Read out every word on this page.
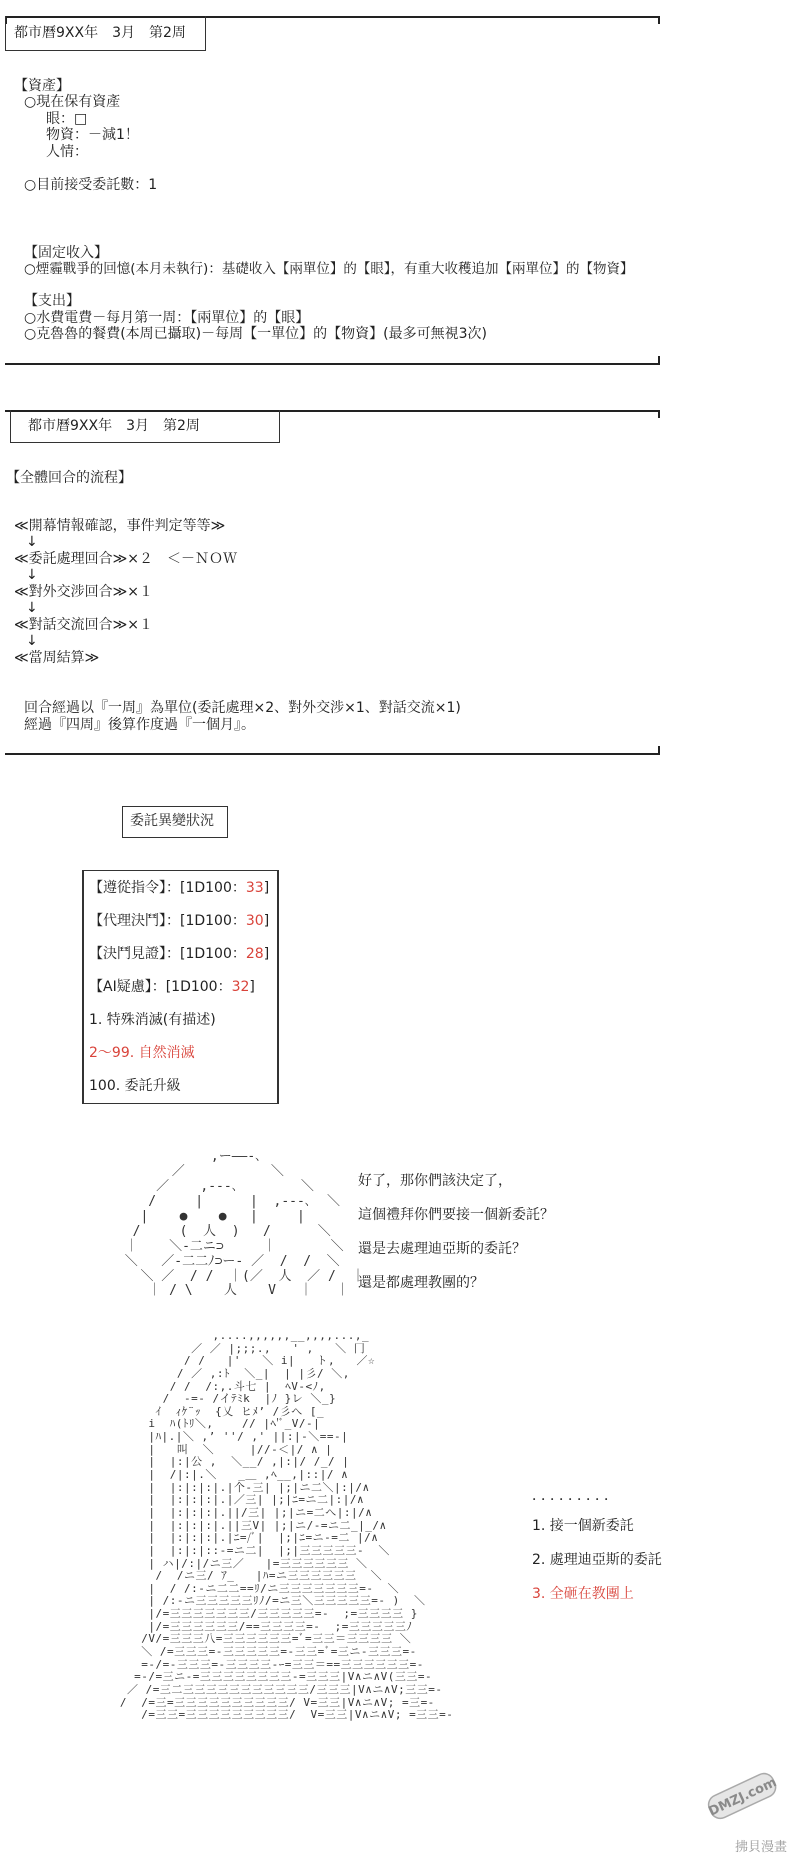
都市曆9XX年　3月　第2周
【資產】
○現在保有資產
眼：□
物資：－減1！
人情：
○目前接受委託數：1
【固定收入】
○煙霾戰爭的回憶(本月未執行)：基礎收入【兩單位】的【眼】，有重大收穫追加【兩單位】的【物資】
【支出】
○水費電費－每月第一周：【兩單位】的【眼】
○克魯魯的餐費(本周已攝取)－每周【一單位】的【物資】(最多可無視3次)
都市曆9XX年　3月　第2周
【全體回合的流程】
≪開幕情報確認，事件判定等等≫
↓
≪委託處理回合≫×２　＜－ＮＯＷ
↓
≪對外交涉回合≫×１
↓
≪對話交流回合≫×１
↓
≪當周結算≫
回合經過以『一周』為單位(委託處理×2、對外交涉×1、對話交流×1)
經過『四周』後算作度過『一個月』。
委託異變狀況
【遵從指令】：[1D100：33]
【代理決鬥】：[1D100：30]
【決鬥見證】：[1D100：28]
【AI疑慮】：[1D100：32]
1. 特殊消滅(有描述)
2～99. 自然消滅
100. 委託升級
,ー――-､
／           ＼
／    ,-‐-､        ＼
/     |      |  ,-‐-､  ＼
|    ●    ●   |     |
/     (  人  )   /      ＼
｜    ＼‐二ニ⊃     ｜       ＼
＼   ／‐二二ﾉ⊃ー‐ ／  /  /  ＼
＼ ／  / /  ｜(／  人  ／ /  ｜
｜ / \    人    V   ｜   ｜
好了，那你們該決定了，
這個禮拜你們要接一個新委託？
還是去處理迪亞斯的委託？
還是都處理教團的？
,....,,,,,,__,,,,...,_
／ ／ |;;;.,   ' ,   ＼ 冂
/ /   |'   ＼ i|   ト,   ／☆
/ ／ ,:ﾄ  ＼_|  | |彡/ ＼,
/ /  /:,.斗七 |  ﾍV‐<ﾉ,
/  ‐=‐ /イﾃﾐk  |ﾉ }レ ＼_}
ｲ  ｨｹ¨ｯ  {乂 ヒﾒ’ /彡へ [_
i  ﾊ(ﾄﾘ＼,    // |ﾍ'ﾞ_V/‐|
|ﾊ|.|＼ ,’ ''/ ,' ||:|‐＼==‐|
|   叫  ＼     |//‐＜|/ ∧ |
|  |:|公 ,  ＼__/ ,|:|/ /_/ |
|  /|:|.＼   _＿ ,ﾍ__,|::|/ ∧
|  |:|:|:|.|个‐三| |;|ニ二＼|:|/∧
|  |:|:|:|.|／三| |;|ﾆ=ニ二|:|/∧
|  |:|:|:|.||/三| |;|ニ=二へ|:|/∧
|  |:|:|:|.||三V| |;|ニ/-=ニ二_|_/∧
|  |:|:|:|.|ﾆ=/ﾞ|  |;|ﾆ=ニ-=二 |/∧
|  |:|:|::-=ニ二|  |;|三三三三三-  ＼
| ハ|/:|/ニ三／   |=三三三三三三 ＼
/  /ニ三/ ｱ_   |ﾊ=ニ三三三三三三  ＼
|  / /:-ニ二二==ﾘ/ニ三三三三三三三=-  ＼
| /:-ニ三三三三三ﾘﾉ/=ニ三＼三三三三三=- )  ＼
|/=三三三三三三三/三三三三三=-  ;=三三三三 }
|/=三三三三三三/==三三三三=-  ;=三三三三三ﾉ
/V/=三三三八=三三三三三三=ﾞ=三三＝三三三三 ＼
＼ /=三三三=-三三三三三=-三三=ﾞ=三ニ-三三三=-
=-/=-三三三=-三三三三-ｰ=三三＝==三三三三三三=-
=-/=三ニ-=三三三三三三三三-=三三三|V∧ニ∧V(三三=-
／ /=三二三三三三三三三三三三三/三三三|V∧ニ∧V;三三=-
/  /=三=三三三三三三三三三三/ V=三三|V∧ニ∧V; =三=-
/=三三=三三三三三三三三三/  V=三三|V∧ニ∧V; =三三=-
．．．．．．．．．
1. 接一個新委託
2. 處理迪亞斯的委託
3. 全砸在教團上
DMZJ.com
拂貝漫畫
